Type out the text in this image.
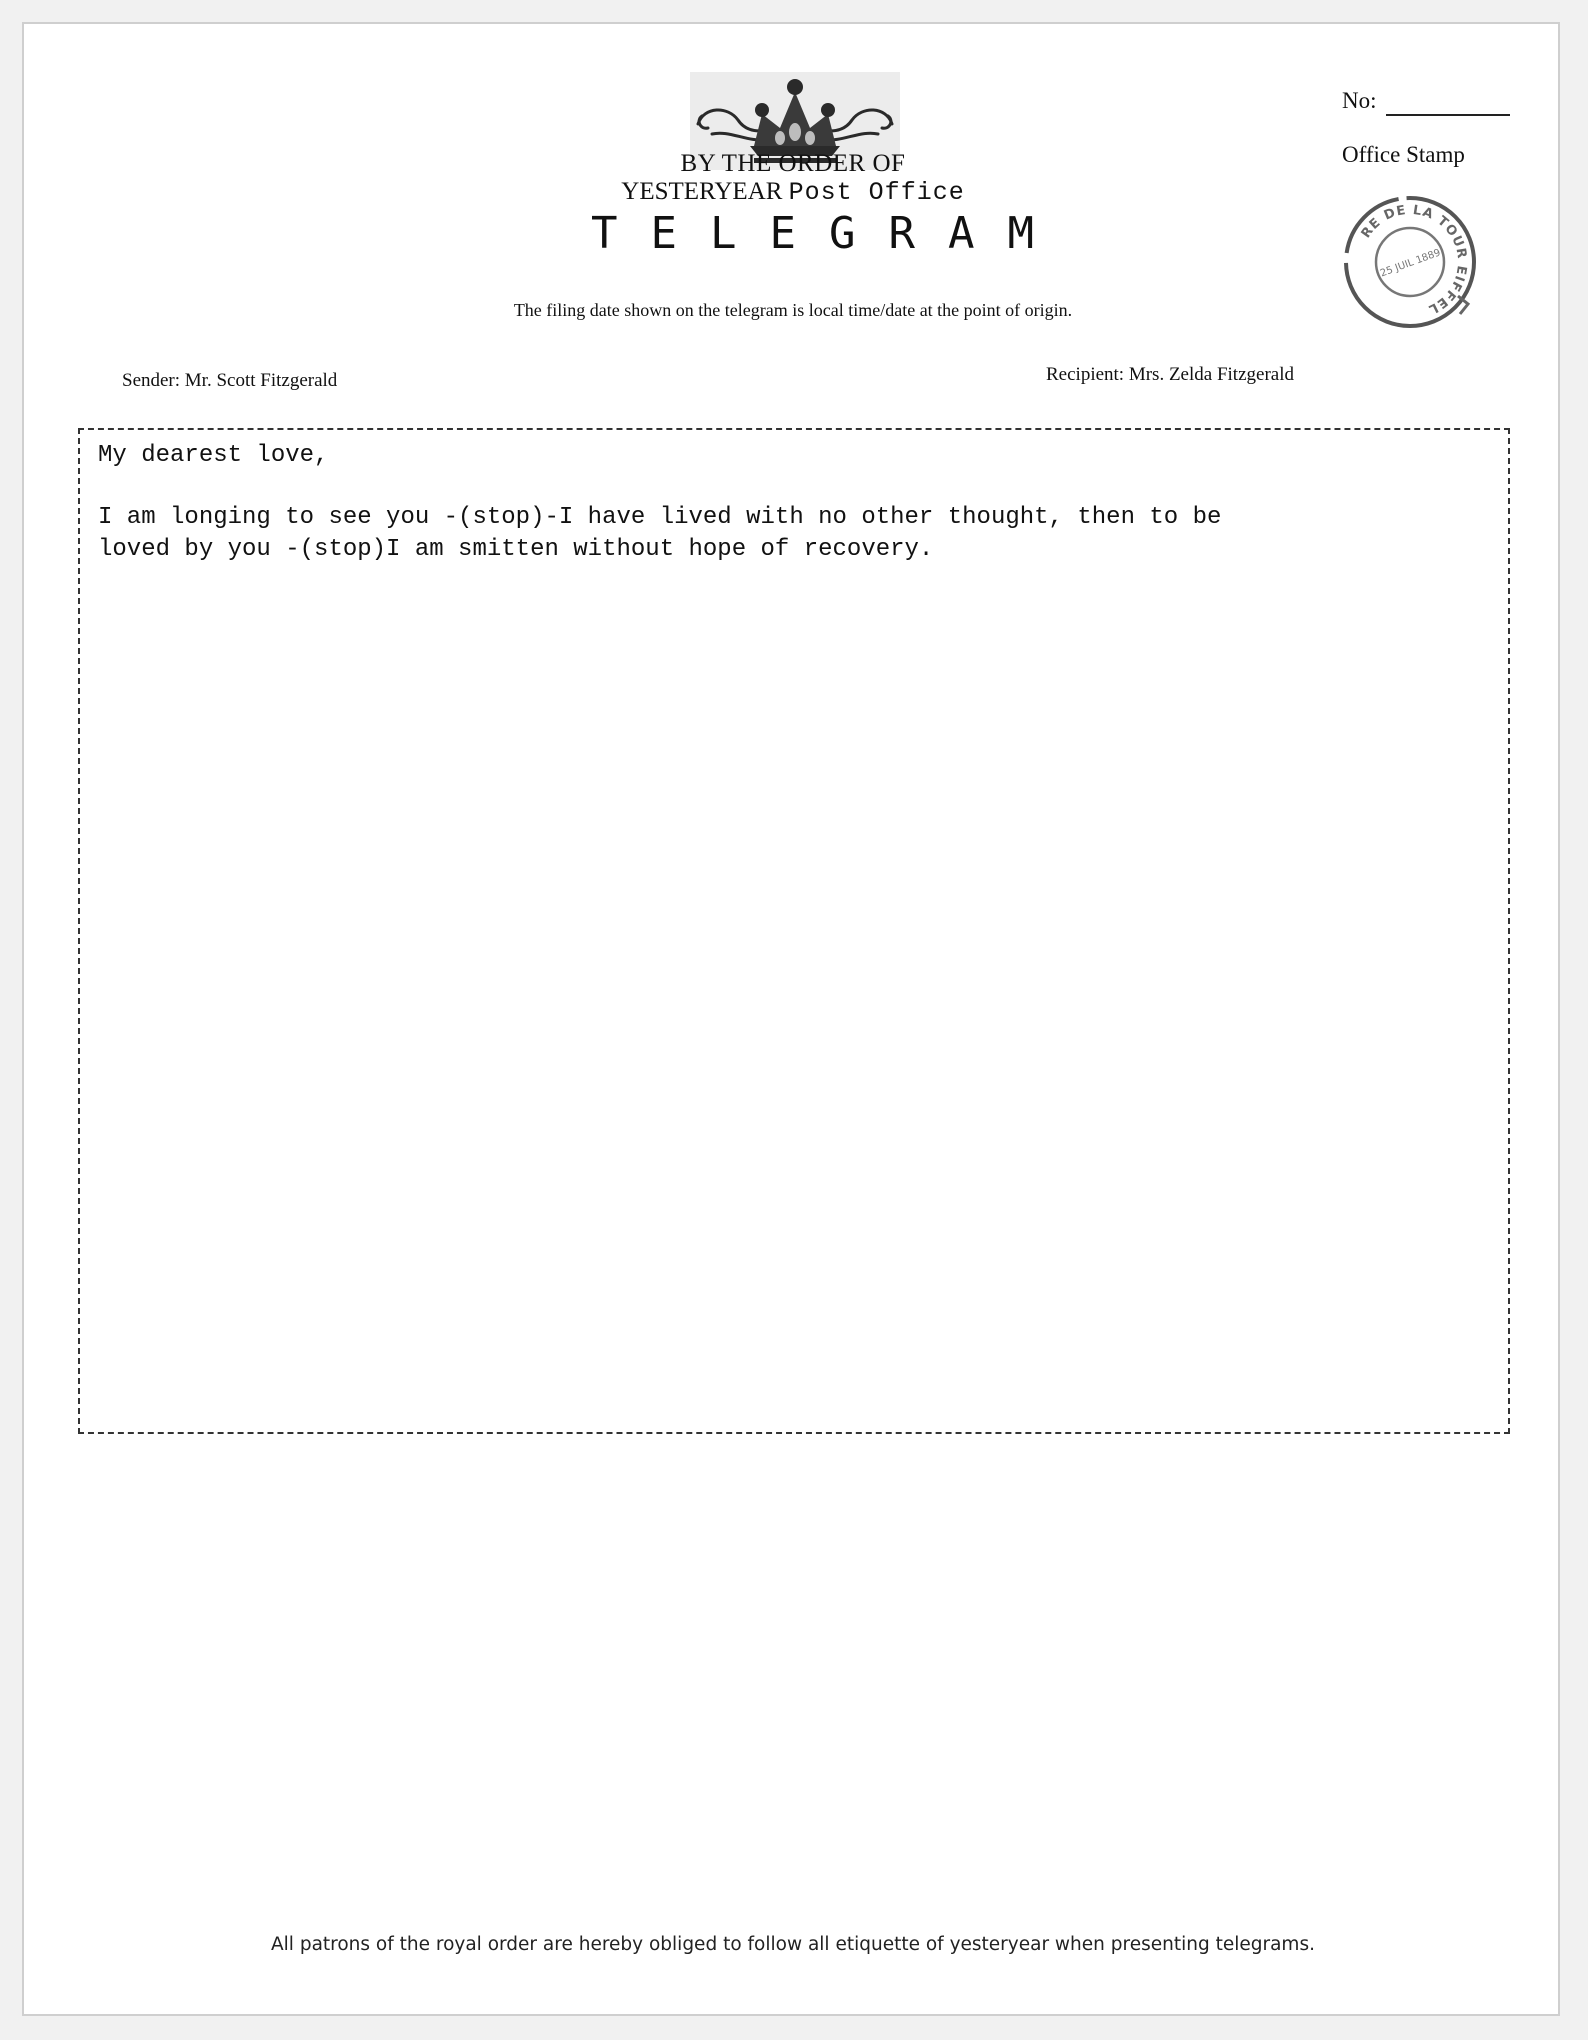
BY THE ORDER OF
YESTERYEAR Post Office
TELEGRAM
The filing date shown on the telegram is local time/date at the point of origin.
No:
Office Stamp
RE DE LA TOUR EIFFEL
25 JUIL 1889
Sender: Mr. Scott Fitzgerald	Recipient: Mrs. Zelda Fitzgerald

My dearest love,

I am longing to see you -(stop)-I have lived with no other thought, then to be
loved by you -(stop)I am smitten without hope of recovery.

All patrons of the royal order are hereby obliged to follow all etiquette of yesteryear when presenting telegrams.
